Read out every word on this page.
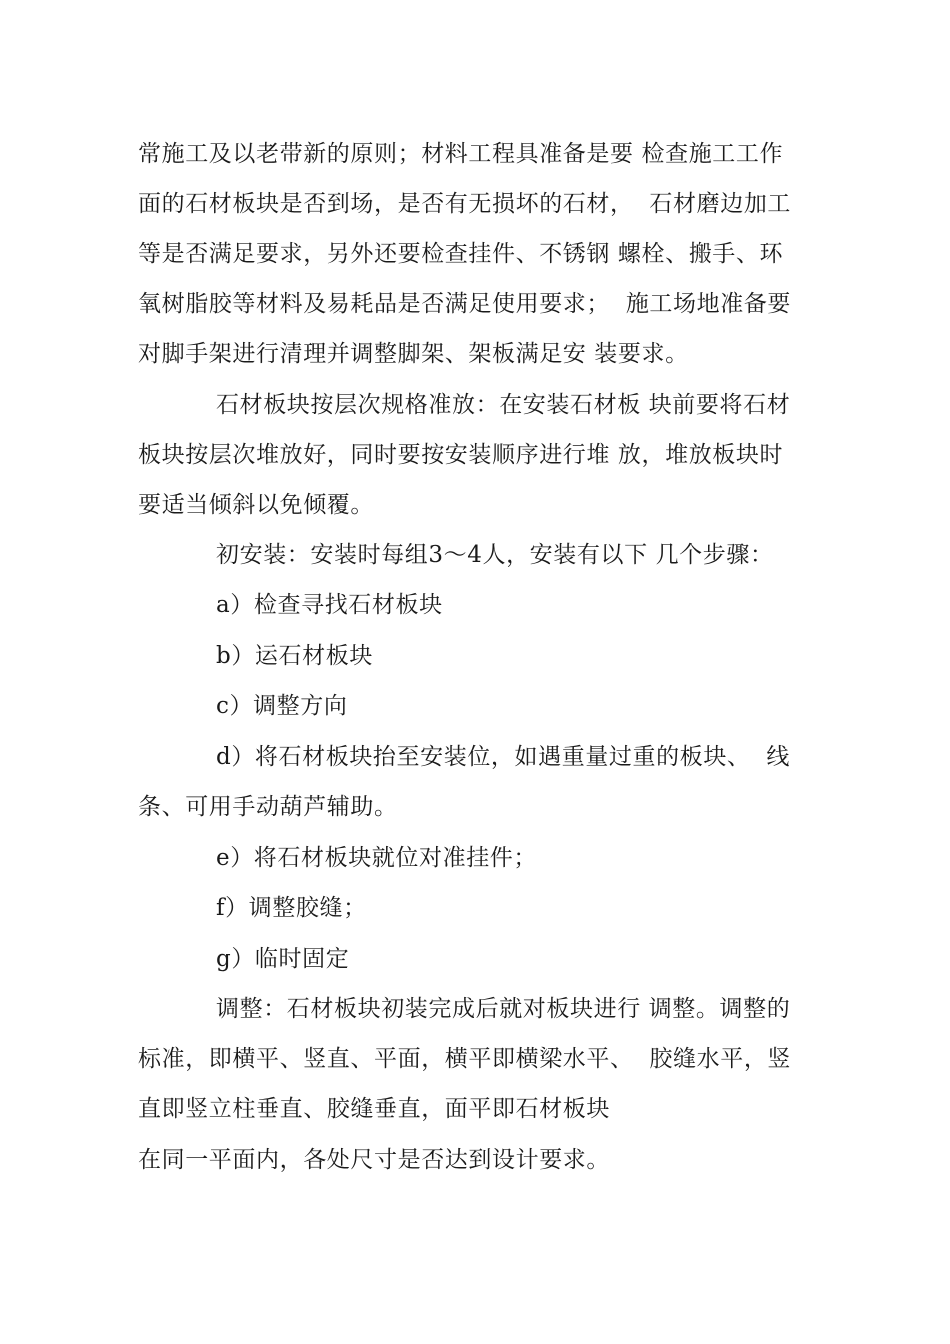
常施工及以老带新的原则；材料工程具准备是要 检查施工工作
面的石材板块是否到场，是否有无损坏的石材，  石材磨边加工
等是否满足要求，另外还要检查挂件、不锈钢 螺栓、搬手、环
氧树脂胶等材料及易耗品是否满足使用要求；  施工场地准备要
对脚手架进行清理并调整脚架、架板满足安 装要求。
石材板块按层次规格准放：在安装石材板 块前要将石材
板块按层次堆放好，同时要按安装顺序进行堆 放，堆放板块时
要适当倾斜以免倾覆。
初安装：安装时每组3〜4人，安装有以下 几个步骤：
a）检查寻找石材板块
b）运石材板块
c）调整方向
d）将石材板块抬至安装位，如遇重量过重的板块、  线
条、可用手动葫芦辅助。
e）将石材板块就位对准挂件；
f）调整胶缝；
g）临时固定
调整：石材板块初装完成后就对板块进行 调整。调整的
标准，即横平、竖直、平面，横平即横梁水平、  胶缝水平，竖
直即竖立柱垂直、胶缝垂直，面平即石材板块
在同一平面内，各处尺寸是否达到设计要求。
